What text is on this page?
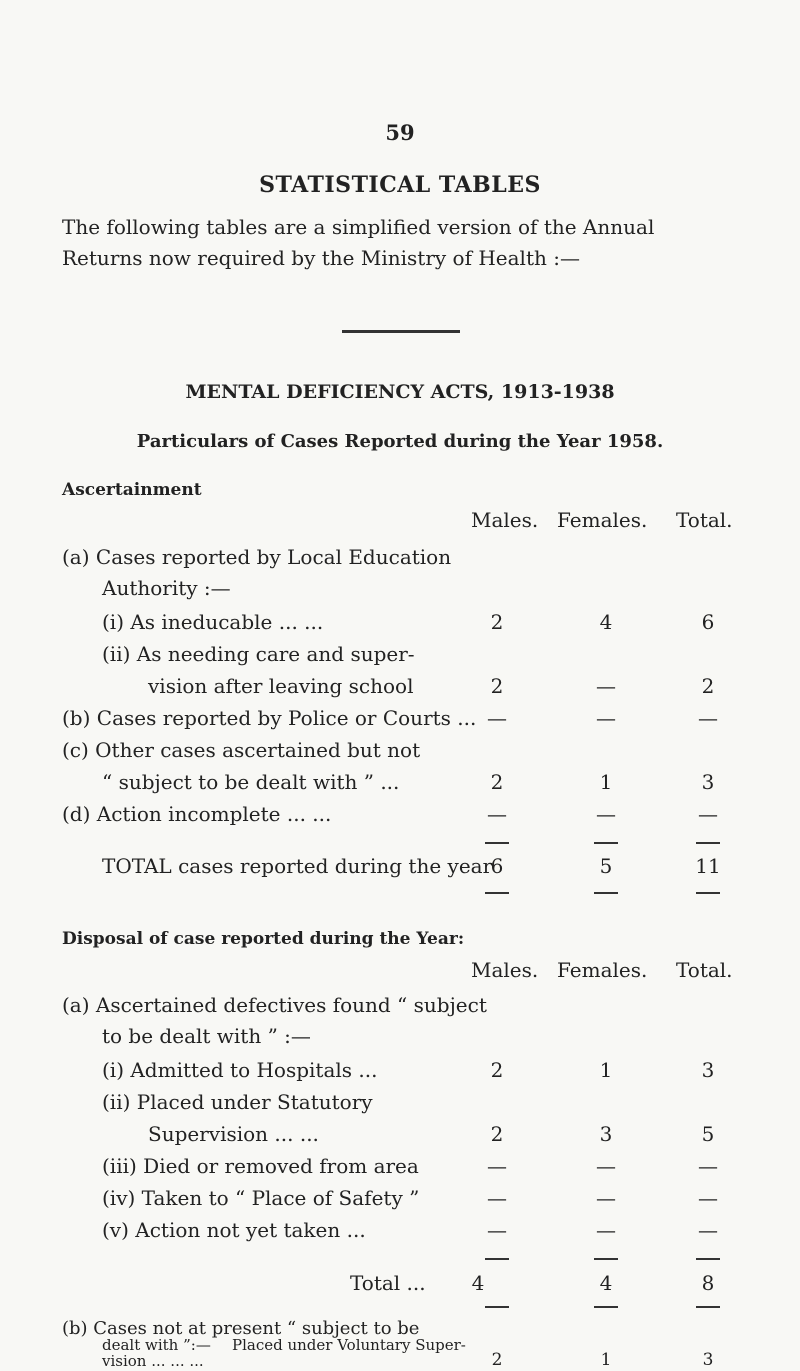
59
STATISTICAL TABLES
The following tables are a simplified version of the Annual
Returns now required by the Ministry of Health :—
MENTAL DEFICIENCY ACTS, 1913-1938
Particulars of Cases Reported during the Year 1958.
Ascertainment
Males. Females. Total.
(a) Cases reported by Local Education
Authority :—
(i) As ineducable ... ...	2	4	6
(ii) As needing care and super-
vision after leaving school	2	—	2
(b) Cases reported by Police or Courts ... —	—	—
(c) Other cases ascertained but not
“ subject to be dealt with ” ...	2	1	3
(d) Action incomplete ... ...	—	—	—
TOTAL cases reported during the year
6	5	11
Disposal of case reported during the Year:
Males. Females. Total.
(a) Ascertained defectives found “ subject
to be dealt with ” :—
(i) Admitted to Hospitals ...	2	1	3
(ii) Placed under Statutory
Supervision ... ...	2	3	5
(iii) Died or removed from area	—	—	—
(iv) Taken to “ Place of Safety ”	—	—	—
(v) Action not yet taken ...	—	—	—
Total ...	4	4	8
(b) Cases not at present “ subject to be
dealt with ”:— Placed under Voluntary Super-
vision ... ... ...	2	1	3
